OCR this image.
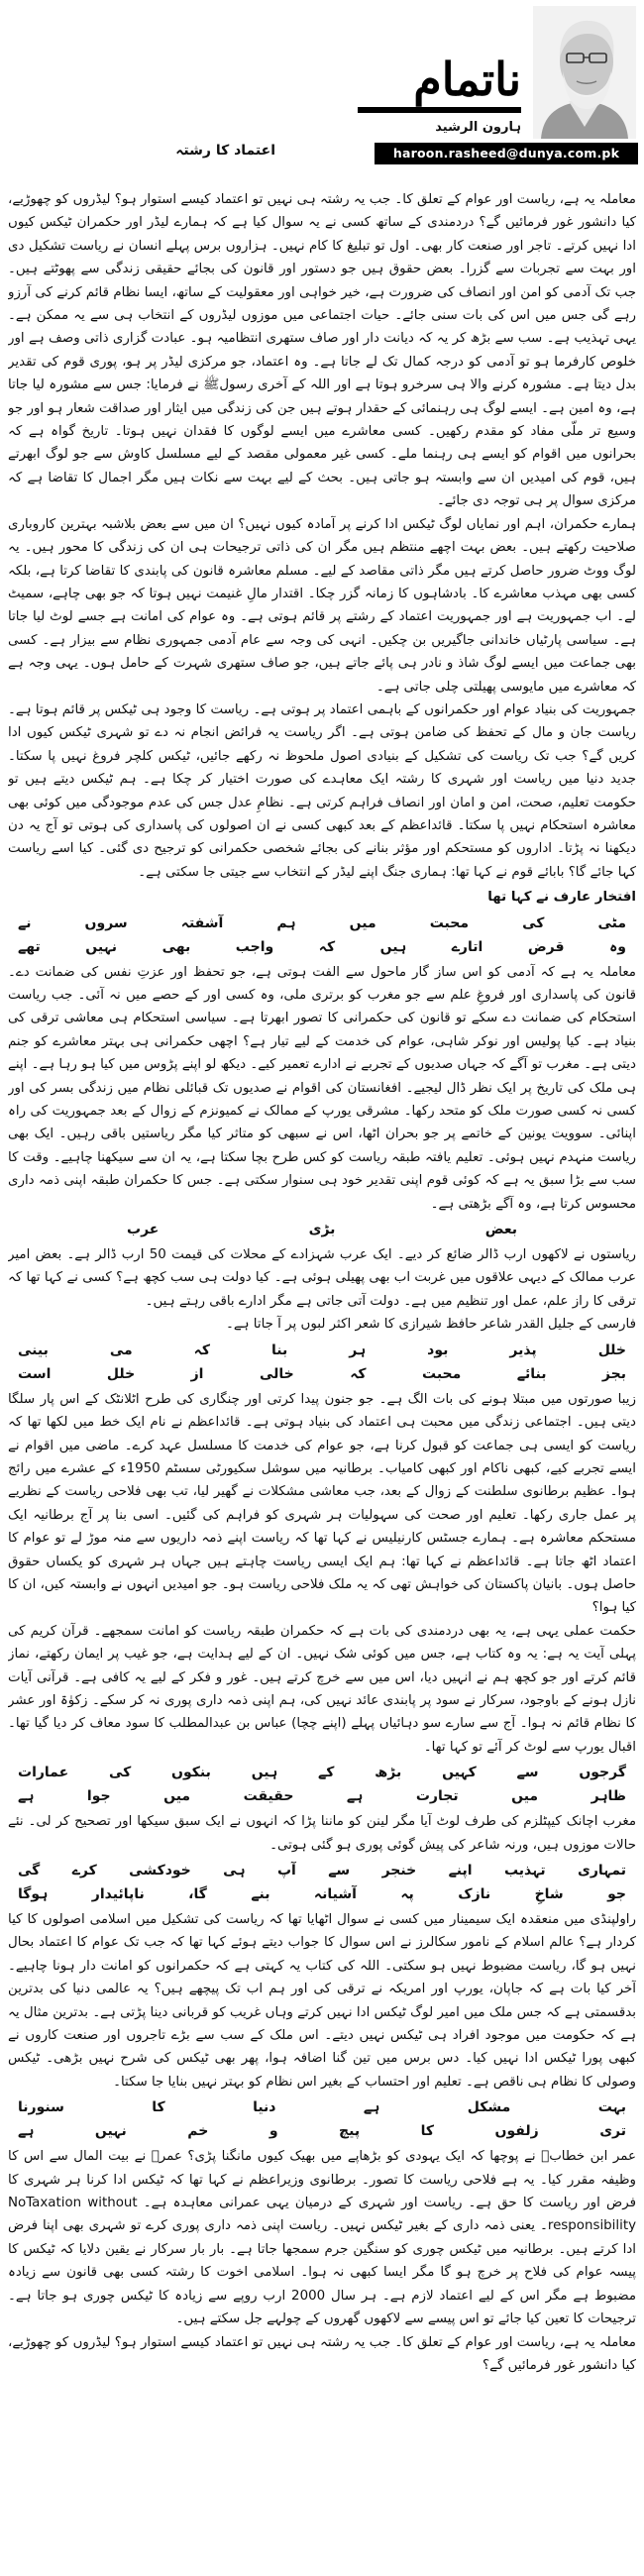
ناتمام
ہارون الرشید
haroon.rasheed@dunya.com.pk
اعتماد کا رشتہ

معاملہ یہ ہے، ریاست اور عوام کے تعلق کا۔ جب یہ رشتہ ہی نہیں تو اعتماد کیسے استوار ہو؟ لیڈروں کو چھوڑیے، کیا دانشور غور فرمائیں گے؟ دردمندی کے ساتھ کسی نے یہ سوال کیا ہے کہ ہمارے لیڈر اور حکمران ٹیکس کیوں ادا نہیں کرتے۔ تاجر اور صنعت کار بھی۔ اول تو تبلیغ کا کام نہیں۔ ہزاروں برس پہلے انسان نے ریاست تشکیل دی اور بہت سے تجربات سے گزرا۔ بعض حقوق ہیں جو دستور اور قانون کی بجائے حقیقی زندگی سے پھوٹتے ہیں۔ جب تک آدمی کو امن اور انصاف کی ضرورت ہے، خیر خواہی اور معقولیت کے ساتھ، ایسا نظام قائم کرنے کی آرزو رہے گی جس میں اس کی بات سنی جائے۔ حیات اجتماعی میں موزوں لیڈروں کے انتخاب ہی سے یہ ممکن ہے۔ یہی تہذیب ہے۔ سب سے بڑھ کر یہ کہ دیانت دار اور صاف ستھری انتظامیہ ہو۔ عبادت گزاری ذاتی وصف ہے اور خلوص کارفرما ہو تو آدمی کو درجہ کمال تک لے جاتا ہے۔ وہ اعتماد، جو مرکزی لیڈر پر ہو، پوری قوم کی تقدیر بدل دیتا ہے۔ مشورہ کرنے والا ہی سرخرو ہوتا ہے اور اللہ کے آخری رسولﷺ نے فرمایا: جس سے مشورہ لیا جاتا ہے، وہ امین ہے۔ ایسے لوگ ہی رہنمائی کے حقدار ہوتے ہیں جن کی زندگی میں ایثار اور صداقت شعار ہو اور جو وسیع تر ملّی مفاد کو مقدم رکھیں۔ کسی معاشرے میں ایسے لوگوں کا فقدان نہیں ہوتا۔ تاریخ گواہ ہے کہ بحرانوں میں اقوام کو ایسے ہی رہنما ملے۔ کسی غیر معمولی مقصد کے لیے مسلسل کاوش سے جو لوگ ابھرتے ہیں، قوم کی امیدیں ان سے وابستہ ہو جاتی ہیں۔ بحث کے لیے بہت سے نکات ہیں مگر اجمال کا تقاضا ہے کہ مرکزی سوال پر ہی توجہ دی جائے۔

ہمارے حکمران، اہم اور نمایاں لوگ ٹیکس ادا کرنے پر آمادہ کیوں نہیں؟ ان میں سے بعض بلاشبہ بہترین کاروباری صلاحیت رکھتے ہیں۔ بعض بہت اچھے منتظم ہیں مگر ان کی ذاتی ترجیحات ہی ان کی زندگی کا محور ہیں۔ یہ لوگ ووٹ ضرور حاصل کرتے ہیں مگر ذاتی مقاصد کے لیے۔ مسلم معاشرہ قانون کی پابندی کا تقاضا کرتا ہے، بلکہ کسی بھی مہذب معاشرے کا۔ بادشاہوں کا زمانہ گزر چکا۔ اقتدار مالِ غنیمت نہیں ہوتا کہ جو بھی چاہے، سمیٹ لے۔ اب جمہوریت ہے اور جمہوریت اعتماد کے رشتے پر قائم ہوتی ہے۔ وہ عوام کی امانت ہے جسے لوٹ لیا جاتا ہے۔ سیاسی پارٹیاں خاندانی جاگیریں بن چکیں۔ انہی کی وجہ سے عام آدمی جمہوری نظام سے بیزار ہے۔ کسی بھی جماعت میں ایسے لوگ شاذ و نادر ہی پائے جاتے ہیں، جو صاف ستھری شہرت کے حامل ہوں۔ یہی وجہ ہے کہ معاشرے میں مایوسی پھیلتی چلی جاتی ہے۔

جمہوریت کی بنیاد عوام اور حکمرانوں کے باہمی اعتماد پر ہوتی ہے۔ ریاست کا وجود ہی ٹیکس پر قائم ہوتا ہے۔ ریاست جان و مال کے تحفظ کی ضامن ہوتی ہے۔ اگر ریاست یہ فرائض انجام نہ دے تو شہری ٹیکس کیوں ادا کریں گے؟ جب تک ریاست کی تشکیل کے بنیادی اصول ملحوظ نہ رکھے جائیں، ٹیکس کلچر فروغ نہیں پا سکتا۔ جدید دنیا میں ریاست اور شہری کا رشتہ ایک معاہدے کی صورت اختیار کر چکا ہے۔ ہم ٹیکس دیتے ہیں تو حکومت تعلیم، صحت، امن و امان اور انصاف فراہم کرتی ہے۔ نظامِ عدل جس کی عدم موجودگی میں کوئی بھی معاشرہ استحکام نہیں پا سکتا۔ قائداعظم کے بعد کبھی کسی نے ان اصولوں کی پاسداری کی ہوتی تو آج یہ دن دیکھنا نہ پڑتا۔ اداروں کو مستحکم اور مؤثر بنانے کی بجائے شخصی حکمرانی کو ترجیح دی گئی۔ کیا اسے ریاست کہا جائے گا؟ بابائے قوم نے کہا تھا: ہماری جنگ اپنے لیڈر کے انتخاب سے جیتی جا سکتی ہے۔

افتخار عارف نے کہا تھا
مٹی کی محبت میں ہم آشفتہ سروں نے
وہ قرض اتارے ہیں کہ واجب بھی نہیں تھے

معاملہ یہ ہے کہ آدمی کو اس ساز گار ماحول سے الفت ہوتی ہے، جو تحفظ اور عزتِ نفس کی ضمانت دے۔ قانون کی پاسداری اور فروغِ علم سے جو مغرب کو برتری ملی، وہ کسی اور کے حصے میں نہ آئی۔ جب ریاست استحکام کی ضمانت دے سکے تو قانون کی حکمرانی کا تصور ابھرتا ہے۔ سیاسی استحکام ہی معاشی ترقی کی بنیاد ہے۔ کیا پولیس اور نوکر شاہی، عوام کی خدمت کے لیے تیار ہے؟ اچھی حکمرانی ہی بہتر معاشرے کو جنم دیتی ہے۔ مغرب تو آگے کہ جہاں صدیوں کے تجربے نے ادارے تعمیر کیے۔ دیکھ لو اپنے پڑوس میں کیا ہو رہا ہے۔ اپنے ہی ملک کی تاریخ پر ایک نظر ڈال لیجیے۔ افغانستان کی اقوام نے صدیوں تک قبائلی نظام میں زندگی بسر کی اور کسی نہ کسی صورت ملک کو متحد رکھا۔ مشرقی یورپ کے ممالک نے کمیونزم کے زوال کے بعد جمہوریت کی راہ اپنائی۔ سوویت یونین کے خاتمے پر جو بحران اٹھا، اس نے سبھی کو متاثر کیا مگر ریاستیں باقی رہیں۔ ایک بھی ریاست منہدم نہیں ہوئی۔ تعلیم یافتہ طبقہ ریاست کو کس طرح بچا سکتا ہے، یہ ان سے سیکھنا چاہیے۔ وقت کا سب سے بڑا سبق یہ ہے کہ کوئی قوم اپنی تقدیر خود ہی سنوار سکتی ہے۔ جس کا حکمران طبقہ اپنی ذمہ داری محسوس کرتا ہے، وہ آگے بڑھتی ہے۔

بعض بڑی عرب

ریاستوں نے لاکھوں ارب ڈالر ضائع کر دیے۔ ایک عرب شہزادے کے محلات کی قیمت 50 ارب ڈالر ہے۔ بعض امیر عرب ممالک کے دیہی علاقوں میں غربت اب بھی پھیلی ہوئی ہے۔ کیا دولت ہی سب کچھ ہے؟ کسی نے کہا تھا کہ ترقی کا راز علم، عمل اور تنظیم میں ہے۔ دولت آتی جاتی ہے مگر ادارے باقی رہتے ہیں۔

فارسی کے جلیل القدر شاعر حافظ شیرازی کا شعر اکثر لبوں پر آ جاتا ہے۔

خلل پذیر بود ہر بنا کہ می بینی
بجز بنائے محبت کہ خالی از خلل است

زیبا صورتوں میں مبتلا ہونے کی بات الگ ہے۔ جو جنون پیدا کرتی اور چنگاری کی طرح اٹلانٹک کے اس پار سلگا دیتی ہیں۔ اجتماعی زندگی میں محبت ہی اعتماد کی بنیاد ہوتی ہے۔ قائداعظم نے نام ایک خط میں لکھا تھا کہ ریاست کو ایسی ہی جماعت کو قبول کرنا ہے، جو عوام کی خدمت کا مسلسل عہد کرے۔ ماضی میں اقوام نے ایسے تجربے کیے، کبھی ناکام اور کبھی کامیاب۔ برطانیہ میں سوشل سکیورٹی سسٹم 1950ء کے عشرے میں رائج ہوا۔ عظیم برطانوی سلطنت کے زوال کے بعد، جب معاشی مشکلات نے گھیر لیا، تب بھی فلاحی ریاست کے نظریے پر عمل جاری رکھا۔ تعلیم اور صحت کی سہولیات ہر شہری کو فراہم کی گئیں۔ اسی بنا پر آج برطانیہ ایک مستحکم معاشرہ ہے۔ ہمارے جسٹس کارنیلیس نے کہا تھا کہ ریاست اپنے ذمہ داریوں سے منہ موڑ لے تو عوام کا اعتماد اٹھ جاتا ہے۔ قائداعظم نے کہا تھا: ہم ایک ایسی ریاست چاہتے ہیں جہاں ہر شہری کو یکساں حقوق حاصل ہوں۔ بانیان پاکستان کی خواہش تھی کہ یہ ملک فلاحی ریاست ہو۔ جو امیدیں انہوں نے وابستہ کیں، ان کا کیا ہوا؟

حکمت عملی یہی ہے، یہ بھی دردمندی کی بات ہے کہ حکمران طبقہ ریاست کو امانت سمجھے۔ قرآن کریم کی پہلی آیت یہ ہے: یہ وہ کتاب ہے، جس میں کوئی شک نہیں۔ ان کے لیے ہدایت ہے، جو غیب پر ایمان رکھتے، نماز قائم کرتے اور جو کچھ ہم نے انہیں دیا، اس میں سے خرچ کرتے ہیں۔ غور و فکر کے لیے یہ کافی ہے۔ قرآنی آیات نازل ہونے کے باوجود، سرکار نے سود پر پابندی عائد نہیں کی، ہم اپنی ذمہ داری پوری نہ کر سکے۔ زکوٰۃ اور عشر کا نظام قائم نہ ہوا۔ آج سے سارے سو دہائیاں پہلے (اپنے چچا) عباس بن عبدالمطلب کا سود معاف کر دیا گیا تھا۔ اقبال یورپ سے لوٹ کر آئے تو کہا تھا۔

گرجوں سے کہیں بڑھ کے ہیں بنکوں کی عمارات
ظاہر میں تجارت ہے حقیقت میں جوا ہے

مغرب اچانک کیپٹلزم کی طرف لوٹ آیا مگر لینن کو ماننا پڑا کہ انہوں نے ایک سبق سیکھا اور تصحیح کر لی۔ نئے حالات موزوں ہیں، ورنہ شاعر کی پیش گوئی پوری ہو گئی ہوتی۔

تمہاری تہذیب اپنے خنجر سے آپ ہی خودکشی کرے گی
جو شاخِ نازک پہ آشیانہ بنے گا، ناپائیدار ہوگا

راولپنڈی میں منعقدہ ایک سیمینار میں کسی نے سوال اٹھایا تھا کہ ریاست کی تشکیل میں اسلامی اصولوں کا کیا کردار ہے؟ عالم اسلام کے نامور سکالرز نے اس سوال کا جواب دیتے ہوئے کہا تھا کہ جب تک عوام کا اعتماد بحال نہیں ہو گا، ریاست مضبوط نہیں ہو سکتی۔ اللہ کی کتاب یہ کہتی ہے کہ حکمرانوں کو امانت دار ہونا چاہیے۔ آخر کیا بات ہے کہ جاپان، یورپ اور امریکہ نے ترقی کی اور ہم اب تک پیچھے ہیں؟ یہ عالمی دنیا کی بدترین بدقسمتی ہے کہ جس ملک میں امیر لوگ ٹیکس ادا نہیں کرتے وہاں غریب کو قربانی دینا پڑتی ہے۔ بدترین مثال یہ ہے کہ حکومت میں موجود افراد ہی ٹیکس نہیں دیتے۔ اس ملک کے سب سے بڑے تاجروں اور صنعت کاروں نے کبھی پورا ٹیکس ادا نہیں کیا۔ دس برس میں تین گنا اضافہ ہوا، پھر بھی ٹیکس کی شرح نہیں بڑھی۔ ٹیکس وصولی کا نظام ہی ناقص ہے۔ تعلیم اور احتساب کے بغیر اس نظام کو بہتر نہیں بنایا جا سکتا۔

بہت مشکل ہے دنیا کا سنورنا
تری زلفوں کا پیچ و خم نہیں ہے

عمر ابن خطابؓ نے پوچھا کہ ایک یہودی کو بڑھاپے میں بھیک کیوں مانگنا پڑی؟ عمرؓ نے بیت المال سے اس کا وظیفہ مقرر کیا۔ یہ ہے فلاحی ریاست کا تصور۔ برطانوی وزیراعظم نے کہا تھا کہ ٹیکس ادا کرنا ہر شہری کا فرض اور ریاست کا حق ہے۔ ریاست اور شہری کے درمیان یہی عمرانی معاہدہ ہے۔ NoTaxation without responsibility۔ یعنی ذمہ داری کے بغیر ٹیکس نہیں۔ ریاست اپنی ذمہ داری پوری کرے تو شہری بھی اپنا فرض ادا کرتے ہیں۔ برطانیہ میں ٹیکس چوری کو سنگین جرم سمجھا جاتا ہے۔ بار بار سرکار نے یقین دلایا کہ ٹیکس کا پیسہ عوام کی فلاح پر خرچ ہو گا مگر ایسا کبھی نہ ہوا۔ اسلامی اخوت کا رشتہ کسی بھی قانون سے زیادہ مضبوط ہے مگر اس کے لیے اعتماد لازم ہے۔ ہر سال 2000 ارب روپے سے زیادہ کا ٹیکس چوری ہو جاتا ہے۔ ترجیحات کا تعین کیا جائے تو اس پیسے سے لاکھوں گھروں کے چولہے جل سکتے ہیں۔

معاملہ یہ ہے، ریاست اور عوام کے تعلق کا۔ جب یہ رشتہ ہی نہیں تو اعتماد کیسے استوار ہو؟ لیڈروں کو چھوڑیے، کیا دانشور غور فرمائیں گے؟
